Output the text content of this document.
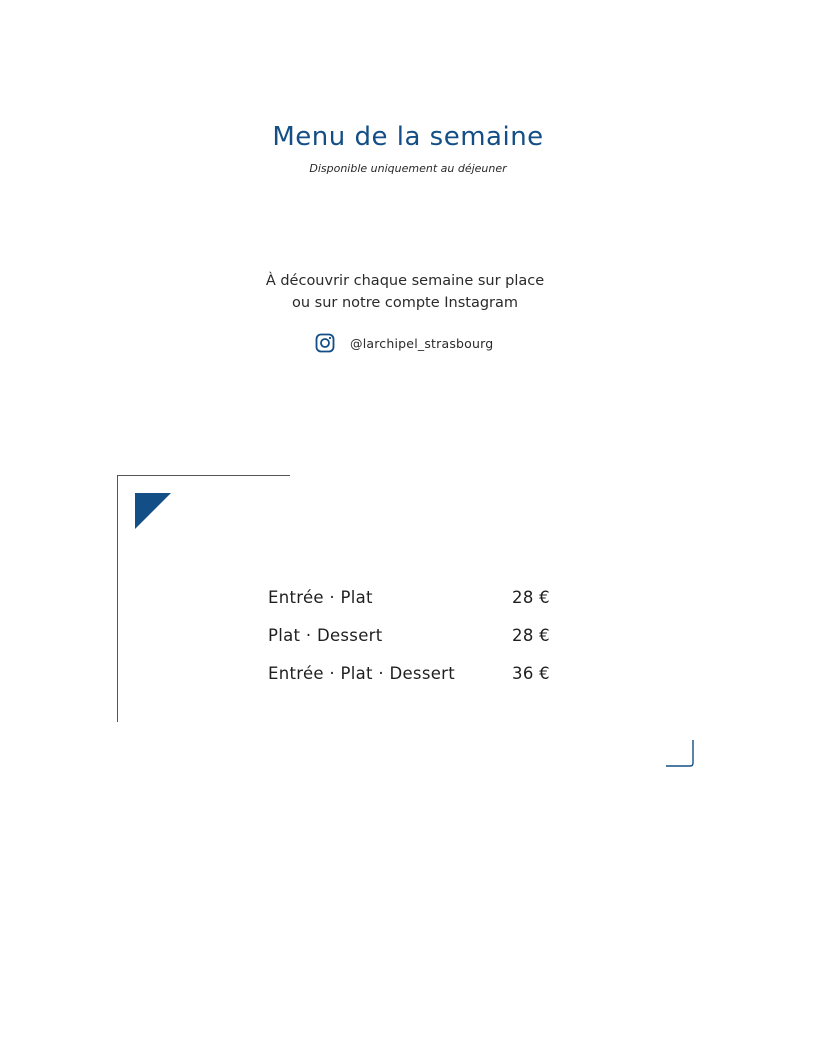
Menu de la semaine
Disponible uniquement au déjeuner
À découvrir chaque semaine sur place
ou sur notre compte Instagram
@larchipel_strasbourg
Entrée · Plat	28 €
Plat · Dessert	28 €
Entrée · Plat · Dessert	36 €
